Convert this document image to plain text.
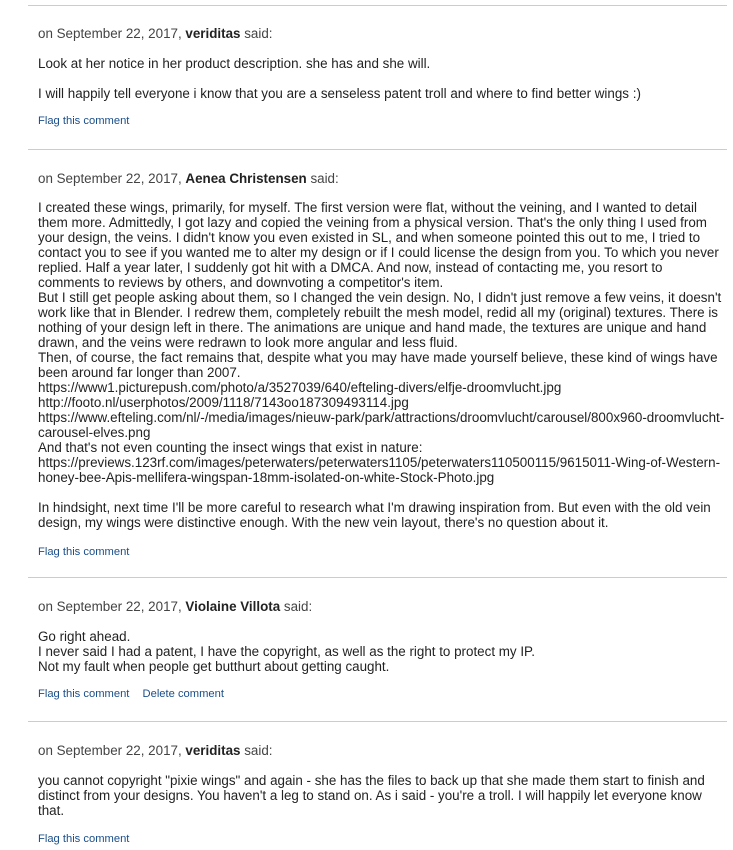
on September 22, 2017, veriditas said:

Look at her notice in her product description. she has and she will.

I will happily tell everyone i know that you are a senseless patent troll and where to find better wings :)

Flag this comment
on September 22, 2017, Aenea Christensen said:

I created these wings, primarily, for myself. The first version were flat, without the veining, and I wanted to detail them more. Admittedly, I got lazy and copied the veining from a physical version. That's the only thing I used from your design, the veins. I didn't know you even existed in SL, and when someone pointed this out to me, I tried to contact you to see if you wanted me to alter my design or if I could license the design from you. To which you never replied. Half a year later, I suddenly got hit with a DMCA. And now, instead of contacting me, you resort to comments to reviews by others, and downvoting a competitor's item.
But I still get people asking about them, so I changed the vein design. No, I didn't just remove a few veins, it doesn't work like that in Blender. I redrew them, completely rebuilt the mesh model, redid all my (original) textures. There is nothing of your design left in there. The animations are unique and hand made, the textures are unique and hand drawn, and the veins were redrawn to look more angular and less fluid.
Then, of course, the fact remains that, despite what you may have made yourself believe, these kind of wings have been around far longer than 2007.
https://www1.picturepush.com/photo/a/3527039/640/efteling-divers/elfje-droomvlucht.jpg
http://footo.nl/userphotos/2009/1118/7143oo187309493114.jpg
https://www.efteling.com/nl/-/media/images/nieuw-park/park/attractions/droomvlucht/carousel/800x960-droomvlucht-carousel-elves.png
And that's not even counting the insect wings that exist in nature:
https://previews.123rf.com/images/peterwaters/peterwaters1105/peterwaters110500115/9615011-Wing-of-Western-honey-bee-Apis-mellifera-wingspan-18mm-isolated-on-white-Stock-Photo.jpg

In hindsight, next time I'll be more careful to research what I'm drawing inspiration from. But even with the old vein design, my wings were distinctive enough. With the new vein layout, there's no question about it.

Flag this comment
on September 22, 2017, Violaine Villota said:

Go right ahead.
I never said I had a patent, I have the copyright, as well as the right to protect my IP.
Not my fault when people get butthurt about getting caught.

Flag this comment Delete comment
on September 22, 2017, veriditas said:

you cannot copyright "pixie wings" and again - she has the files to back up that she made them start to finish and distinct from your designs. You haven't a leg to stand on. As i said - you're a troll. I will happily let everyone know that.

Flag this comment
